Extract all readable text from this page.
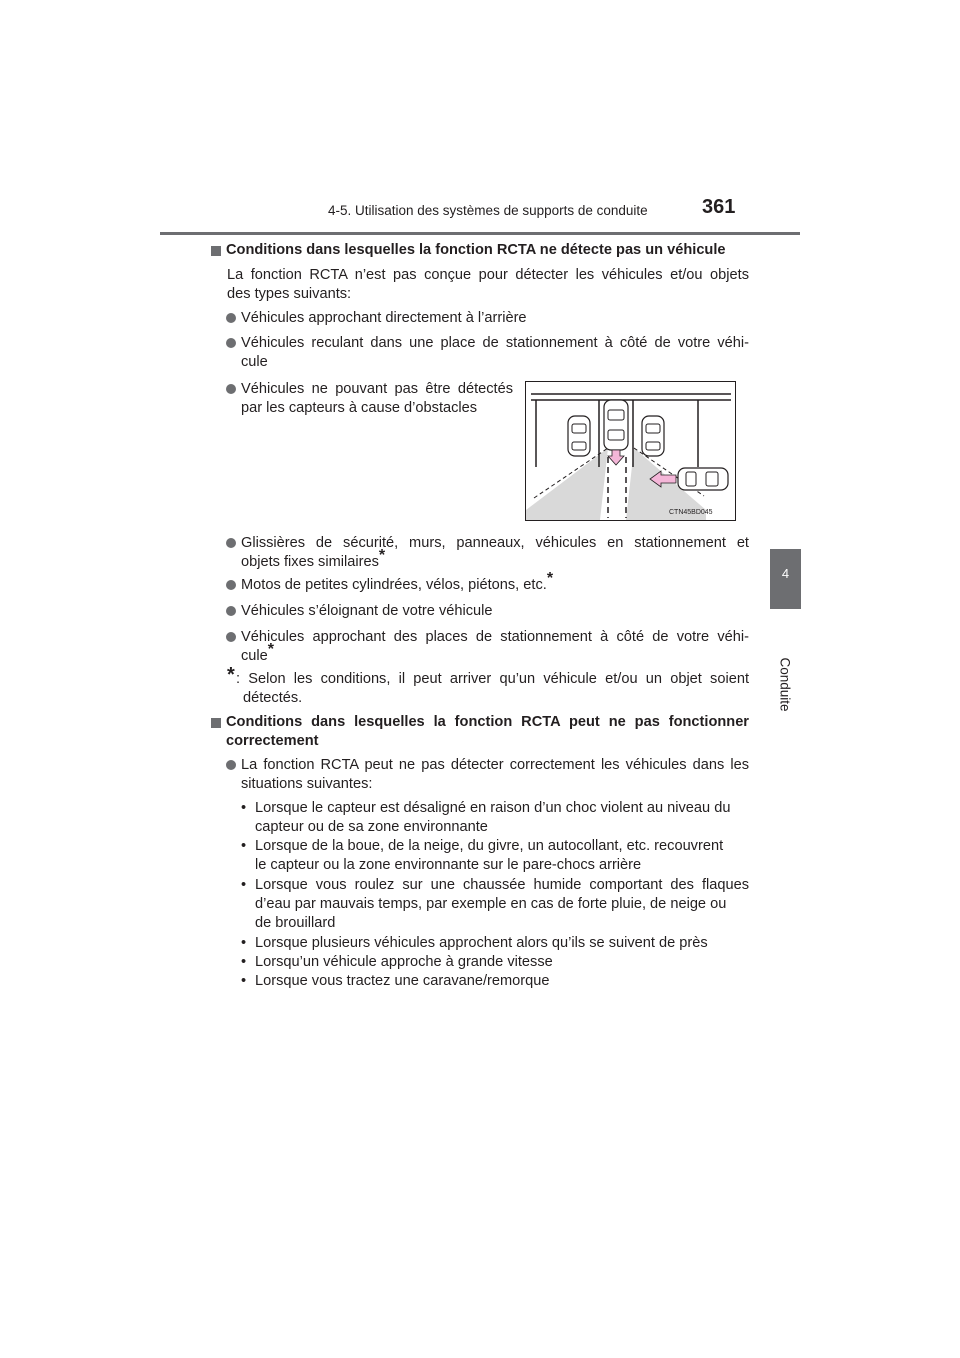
4-5. Utilisation des systèmes de supports de conduite	361
4
Conduite
Conditions dans lesquelles la fonction RCTA ne détecte pas un véhicule
La fonction RCTA n’est pas conçue pour détecter les véhicules et/ou objets
des types suivants:
Véhicules approchant directement à l’arrière
Véhicules reculant dans une place de stationnement à côté de votre véhi-
cule
Véhicules ne pouvant pas être détectés
par les capteurs à cause d’obstacles
CTN45BD045
Glissières de sécurité, murs, panneaux, véhicules en stationnement et
objets fixes similaires*
Motos de petites cylindrées, vélos, piétons, etc.*
Véhicules s’éloignant de votre véhicule
Véhicules approchant des places de stationnement à côté de votre véhi-
cule*
* : Selon les conditions, il peut arriver qu’un véhicule et/ou un objet soient
détectés.
Conditions dans lesquelles la fonction RCTA peut ne pas fonctionner
correctement
La fonction RCTA peut ne pas détecter correctement les véhicules dans les
situations suivantes:
• Lorsque le capteur est désaligné en raison d’un choc violent au niveau du
capteur ou de sa zone environnante
• Lorsque de la boue, de la neige, du givre, un autocollant, etc. recouvrent
le capteur ou la zone environnante sur le pare-chocs arrière
• Lorsque vous roulez sur une chaussée humide comportant des flaques
d’eau par mauvais temps, par exemple en cas de forte pluie, de neige ou
de brouillard
• Lorsque plusieurs véhicules approchent alors qu’ils se suivent de près
• Lorsqu’un véhicule approche à grande vitesse
• Lorsque vous tractez une caravane/remorque
